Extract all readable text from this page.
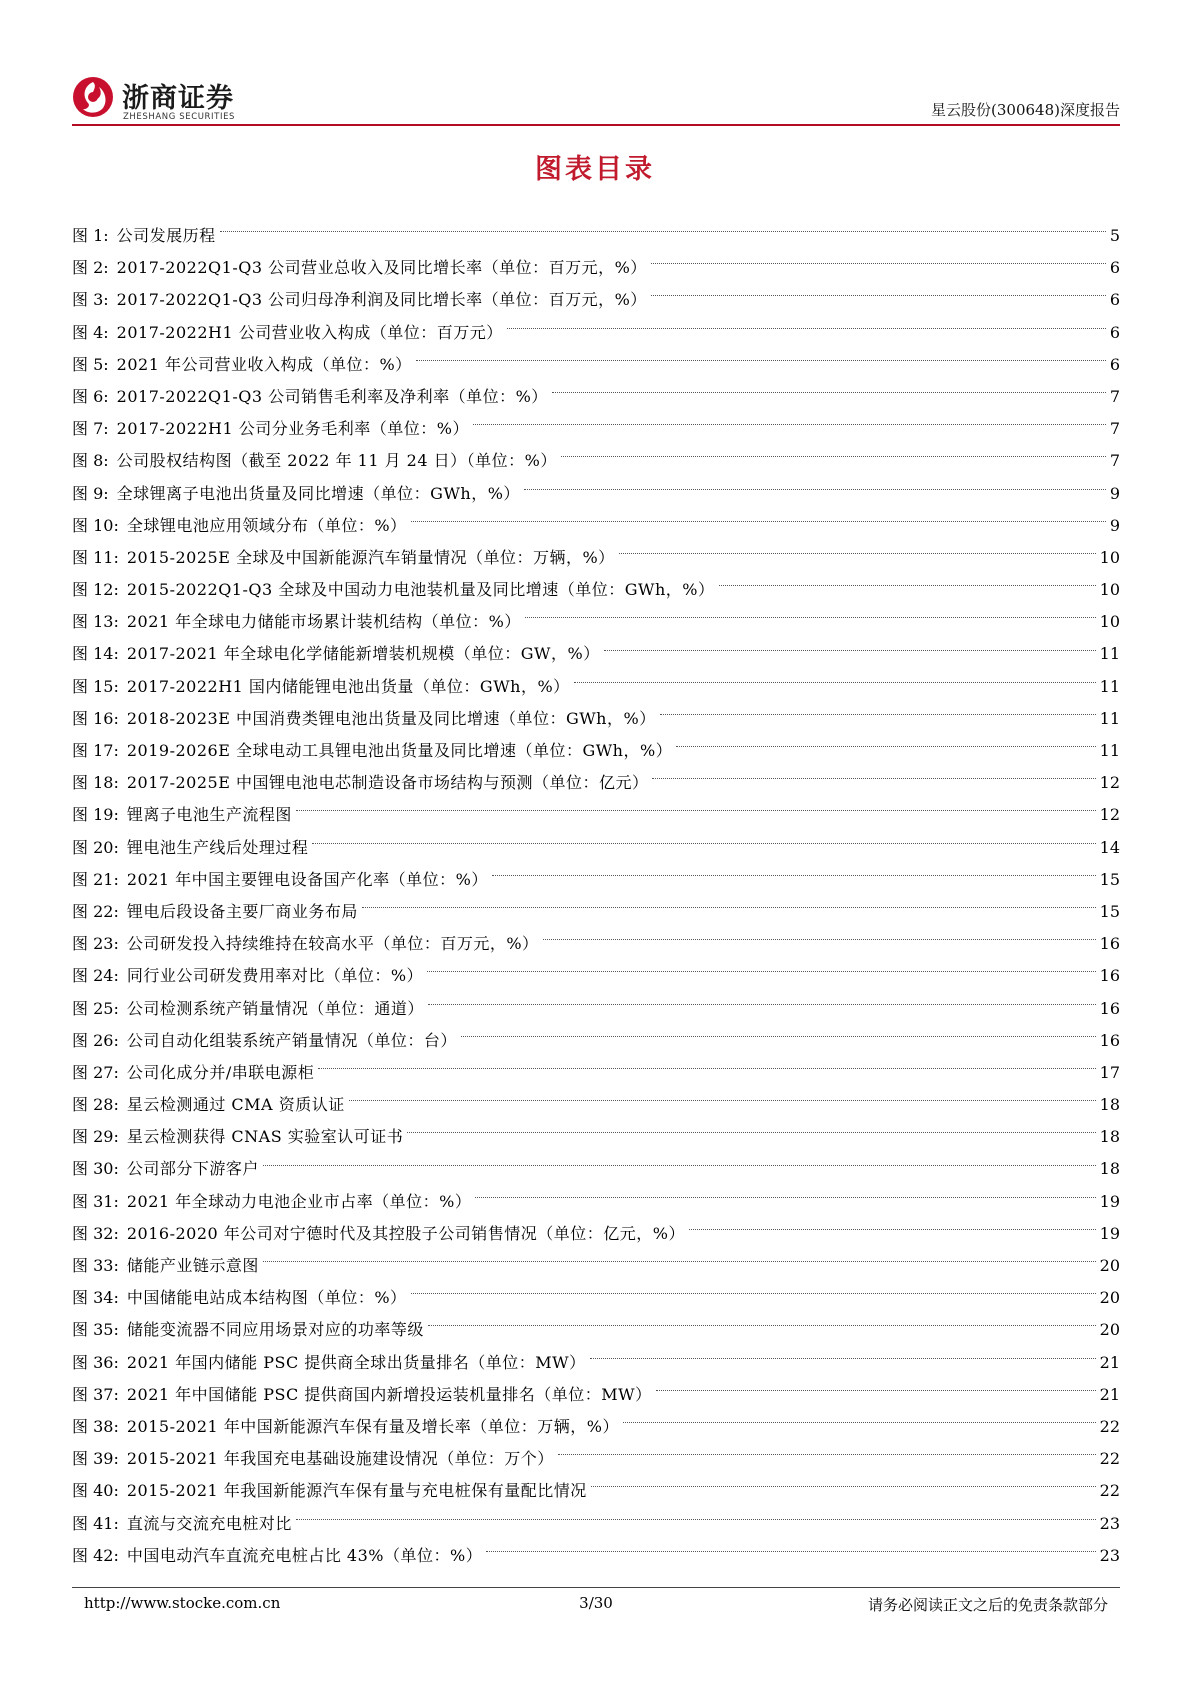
浙商证券
ZHESHANG SECURITIES	星云股份(300648)深度报告
图表目录
图 1: 公司发展历程	5
图 2: 2017-2022Q1-Q3 公司营业总收入及同比增长率（单位：百万元，%）	6
图 3: 2017-2022Q1-Q3 公司归母净利润及同比增长率（单位：百万元，%）	6
图 4: 2017-2022H1 公司营业收入构成（单位：百万元）	6
图 5: 2021 年公司营业收入构成（单位：%）	6
图 6: 2017-2022Q1-Q3 公司销售毛利率及净利率（单位：%）	7
图 7: 2017-2022H1 公司分业务毛利率（单位：%）	7
图 8: 公司股权结构图（截至 2022 年 11 月 24 日）（单位：%）	7
图 9: 全球锂离子电池出货量及同比增速（单位：GWh，%）	9
图 10: 全球锂电池应用领域分布（单位：%）	9
图 11: 2015-2025E 全球及中国新能源汽车销量情况（单位：万辆，%）	10
图 12: 2015-2022Q1-Q3 全球及中国动力电池装机量及同比增速（单位：GWh，%）	10
图 13: 2021 年全球电力储能市场累计装机结构（单位：%）	10
图 14: 2017-2021 年全球电化学储能新增装机规模（单位：GW，%）	11
图 15: 2017-2022H1 国内储能锂电池出货量（单位：GWh，%）	11
图 16: 2018-2023E 中国消费类锂电池出货量及同比增速（单位：GWh，%）	11
图 17: 2019-2026E 全球电动工具锂电池出货量及同比增速（单位：GWh，%）	11
图 18: 2017-2025E 中国锂电池电芯制造设备市场结构与预测（单位：亿元）	12
图 19: 锂离子电池生产流程图	12
图 20: 锂电池生产线后处理过程	14
图 21: 2021 年中国主要锂电设备国产化率（单位：%）	15
图 22: 锂电后段设备主要厂商业务布局	15
图 23: 公司研发投入持续维持在较高水平（单位：百万元，%）	16
图 24: 同行业公司研发费用率对比（单位：%）	16
图 25: 公司检测系统产销量情况（单位：通道）	16
图 26: 公司自动化组装系统产销量情况（单位：台）	16
图 27: 公司化成分并/串联电源柜	17
图 28: 星云检测通过 CMA 资质认证	18
图 29: 星云检测获得 CNAS 实验室认可证书	18
图 30: 公司部分下游客户	18
图 31: 2021 年全球动力电池企业市占率（单位：%）	19
图 32: 2016-2020 年公司对宁德时代及其控股子公司销售情况（单位：亿元，%）	19
图 33: 储能产业链示意图	20
图 34: 中国储能电站成本结构图（单位：%）	20
图 35: 储能变流器不同应用场景对应的功率等级	20
图 36: 2021 年国内储能 PSC 提供商全球出货量排名（单位：MW）	21
图 37: 2021 年中国储能 PSC 提供商国内新增投运装机量排名（单位：MW）	21
图 38: 2015-2021 年中国新能源汽车保有量及增长率（单位：万辆，%）	22
图 39: 2015-2021 年我国充电基础设施建设情况（单位：万个）	22
图 40: 2015-2021 年我国新能源汽车保有量与充电桩保有量配比情况	22
图 41: 直流与交流充电桩对比	23
图 42: 中国电动汽车直流充电桩占比 43%（单位：%）	23
http://www.stocke.com.cn	3/30	请务必阅读正文之后的免责条款部分
